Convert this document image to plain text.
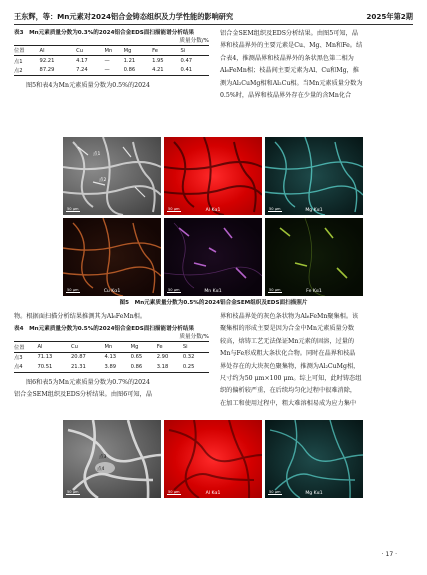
王东辉，等：Mn元素对2024铝合金铸态组织及力学性能的影响研究	2025年第2期
表3　Mn元素质量分数为0.3%的2024铝合金EDS面扫描能谱分析结果
质量分数/%
位置	Al	Cu	Mn	Mg	Fe	Si
点1	92.21	4.17	—	1.21	1.95	0.47
点2	87.29	7.24	—	0.86	4.21	0.41
图5和表4为Mn元素质量分数为0.5%的2024
铝合金SEM组织及EDS分析结果。由图5可知，晶
界和枝晶界外的主要元素是Cu、Mg、Mn和Fe。结
合表4，推测晶界和枝晶界外的条状黑色第二相为
Al₆FeMn相；枝晶间主要元素为Al、Cu和Mg，推
测为Al₂CuMg相和Al₂Cu相。当Mn元素质量分数为
0.5%时，晶界和枝晶界外存在少量的含Mn化合
点1
点2
50 μm	Al Kα1
50 μm	Mg Kα1
50 μm
Cu Kα1
50 μm	Mn Kα1
50 μm	Fe Kα1
50 μm
图5　Mn元素质量分数为0.5%的2024铝合金SEM组织及EDS面扫描照片
物。根据面扫描分析结果推测其为Al₆FeMn相。
表4　Mn元素质量分数为0.5%的2024铝合金EDS面扫描能谱分析结果
质量分数/%
位置	Al	Cu	Mn	Mg	Fe	Si
点3	71.13	20.87	4.13	0.65	2.90	0.32
点4	70.51	21.31	3.89	0.86	3.18	0.25
图6和表5为Mn元素质量分数为0.7%的2024
铝合金SEM组织及EDS分析结果。由图6可知，晶
界和枝晶界处的灰色条状物为Al₆FeMn聚集相。该
聚集相的形成主要是因为合金中Mn元素质量分数
较高，熔铸工艺无法保证Mn元素的固溶，过量的
Mn与Fe形成粗大条状化合物。同时在晶界和枝晶
界处存在的大块灰色聚集物，推测为Al₂CuMg相，
尺寸约为50 μm×100 μm。综上可知，此时铸态组
织的偏析较严重，在后续均匀化过程中很难消除，
在加工和使用过程中，粗大难溶相易成为应力集中
点3
点4
50 μm	Al Kα1
50 μm	Mg Kα1
50 μm
· 17 ·
